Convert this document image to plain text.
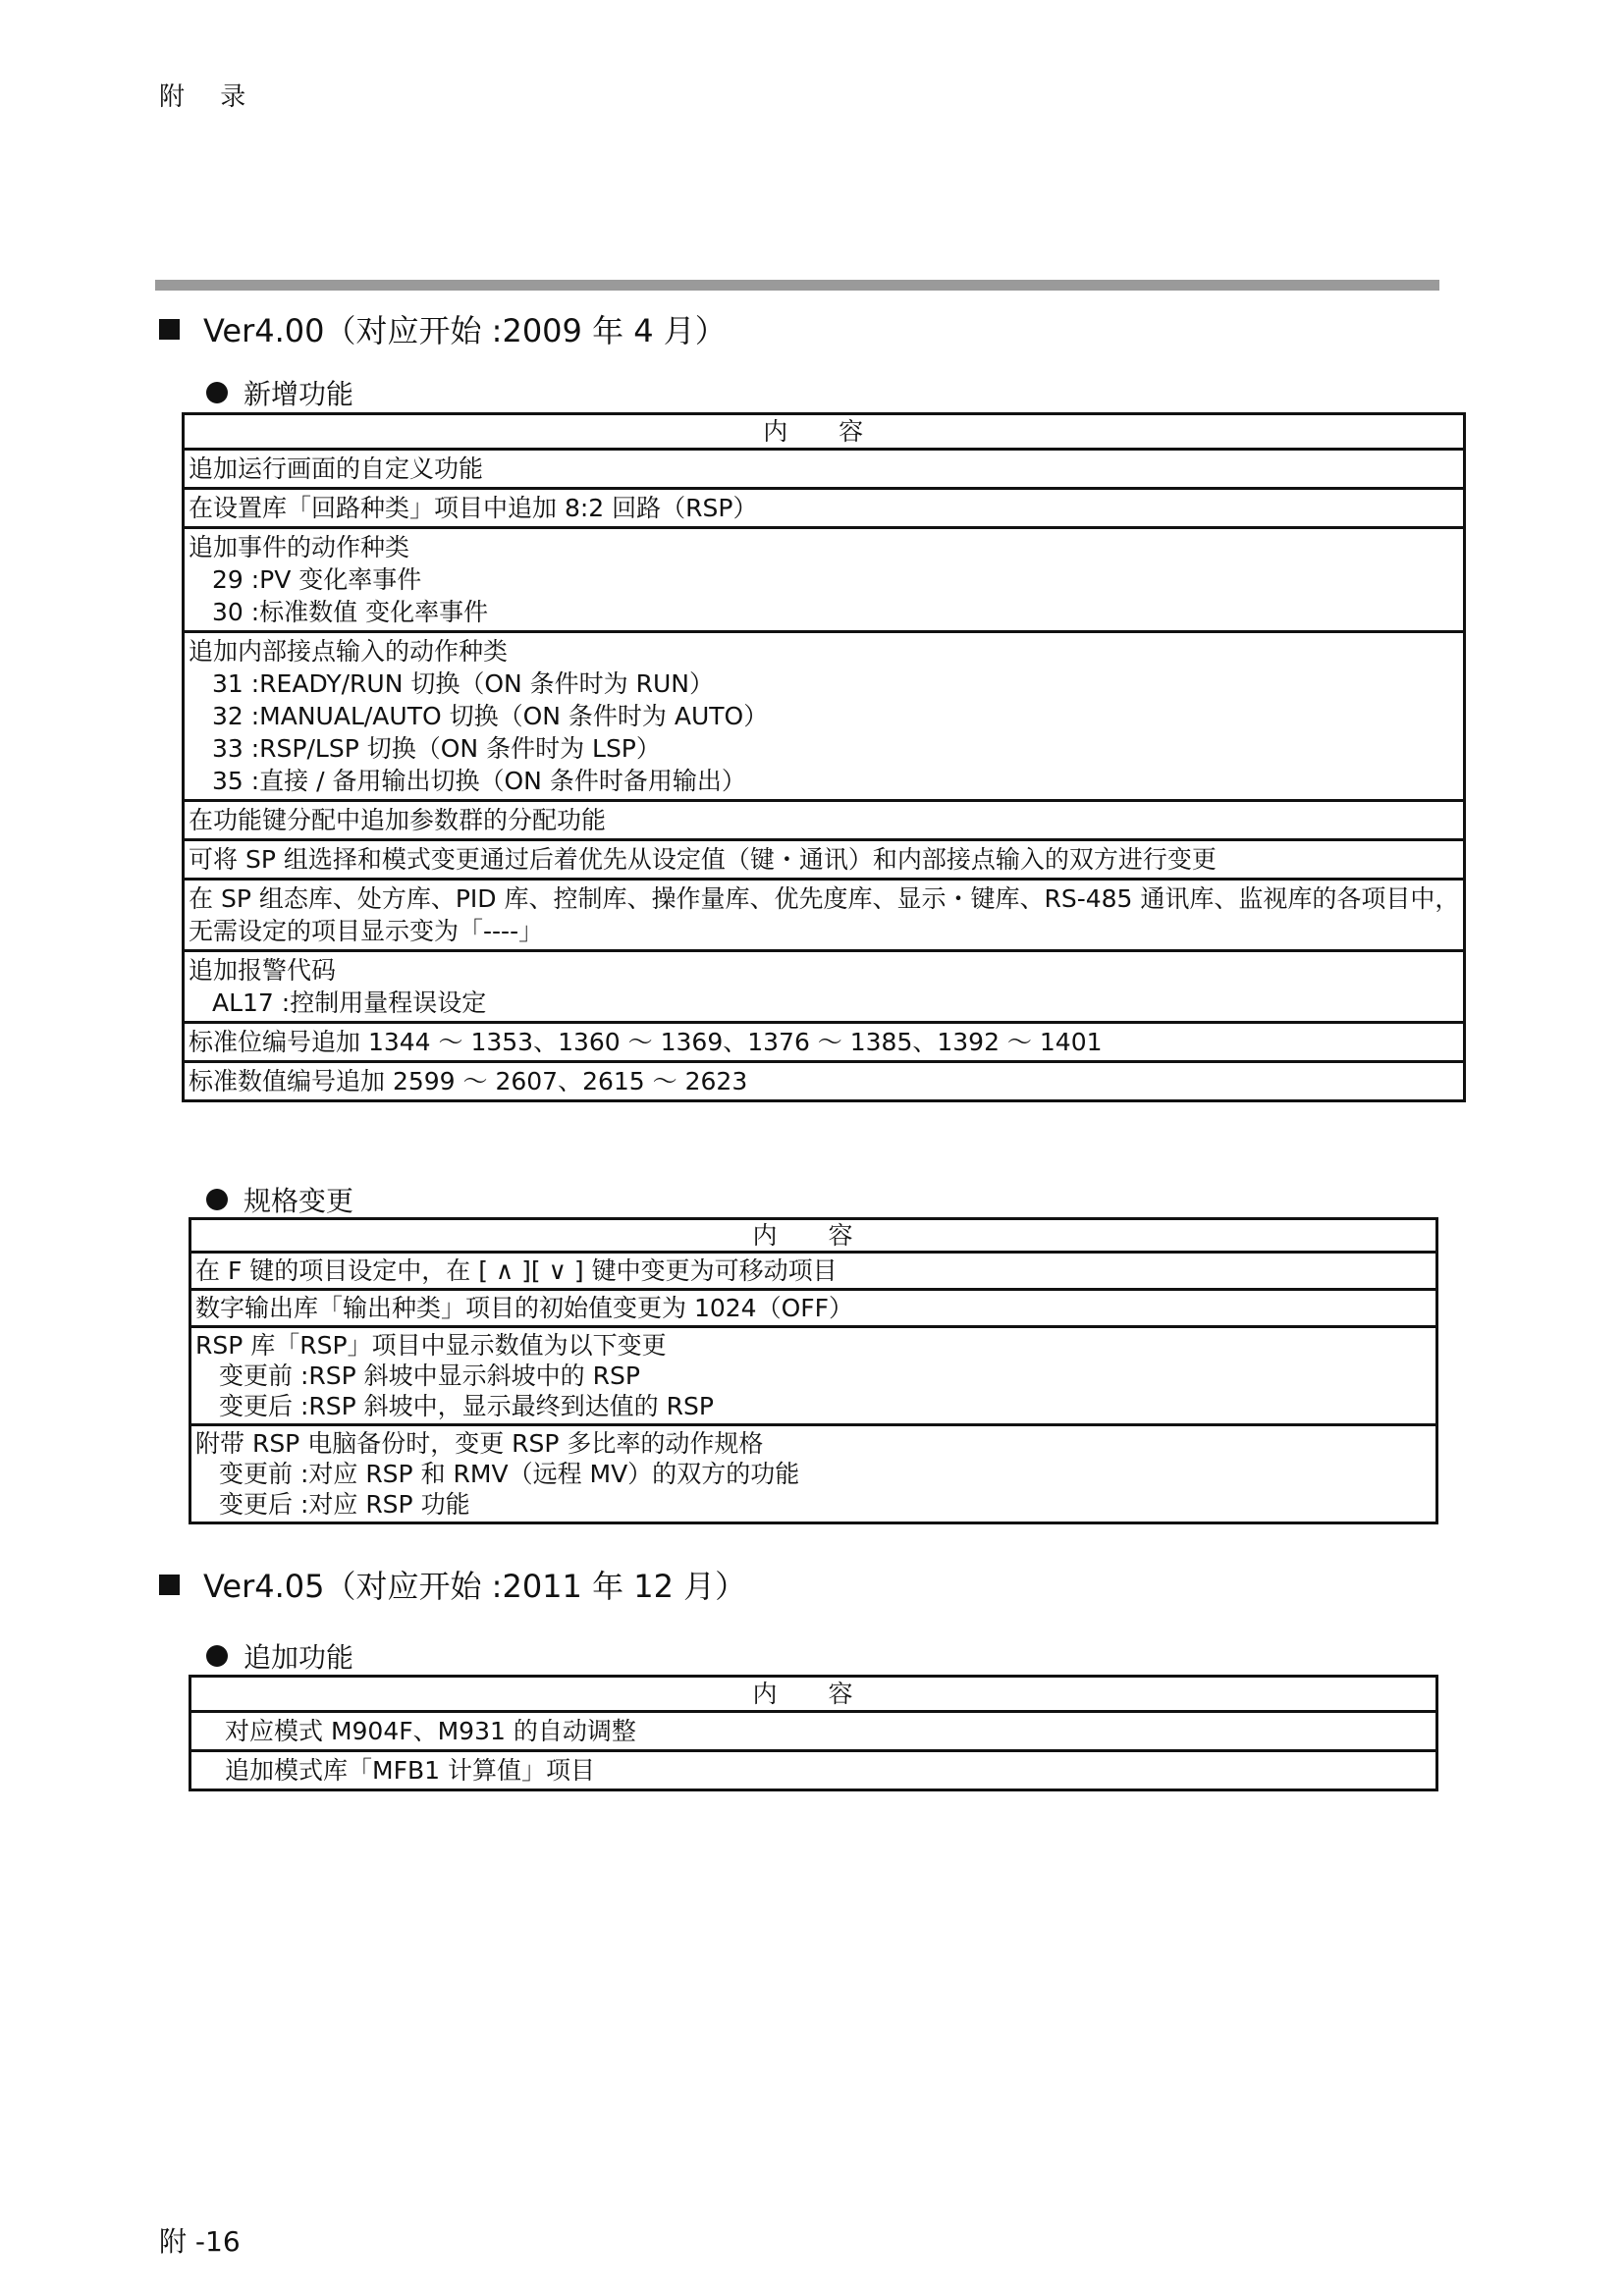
附 录
Ver4.00（对应开始 :2009 年 4 月）
新增功能
内 容

追加运行画面的自定义功能

在设置库「回路种类」项目中追加 8:2 回路（RSP）

追加事件的动作种类
29 :PV 变化率事件
30 :标准数值 变化率事件

追加内部接点输入的动作种类
31 :READY/RUN 切换（ON 条件时为 RUN）
32 :MANUAL/AUTO 切换（ON 条件时为 AUTO）
33 :RSP/LSP 切换（ON 条件时为 LSP）
35 :直接 / 备用输出切换（ON 条件时备用输出）

在功能键分配中追加参数群的分配功能

可将 SP 组选择和模式变更通过后着优先从设定值（键・通讯）和内部接点输入的双方进行变更

在 SP 组态库、处方库、PID 库、控制库、操作量库、优先度库、显示・键库、RS-485 通讯库、监视库的各项目中，
无需设定的项目显示变为「----」

追加报警代码
AL17 :控制用量程误设定

标准位编号追加 1344 ～ 1353、1360 ～ 1369、1376 ～ 1385、1392 ～ 1401

标准数值编号追加 2599 ～ 2607、2615 ～ 2623
规格变更
内 容

在 F 键的项目设定中，在 [ ∧ ][ ∨ ] 键中变更为可移动项目

数字输出库「输出种类」项目的初始值变更为 1024（OFF）

RSP 库「RSP」项目中显示数值为以下变更
变更前 :RSP 斜坡中显示斜坡中的 RSP
变更后 :RSP 斜坡中，显示最终到达值的 RSP

附带 RSP 电脑备份时，变更 RSP 多比率的动作规格
变更前 :对应 RSP 和 RMV（远程 MV）的双方的功能
变更后 :对应 RSP 功能
Ver4.05（对应开始 :2011 年 12 月）
追加功能
内 容

对应模式 M904F、M931 的自动调整

追加模式库「MFB1 计算值」项目
附 -16
